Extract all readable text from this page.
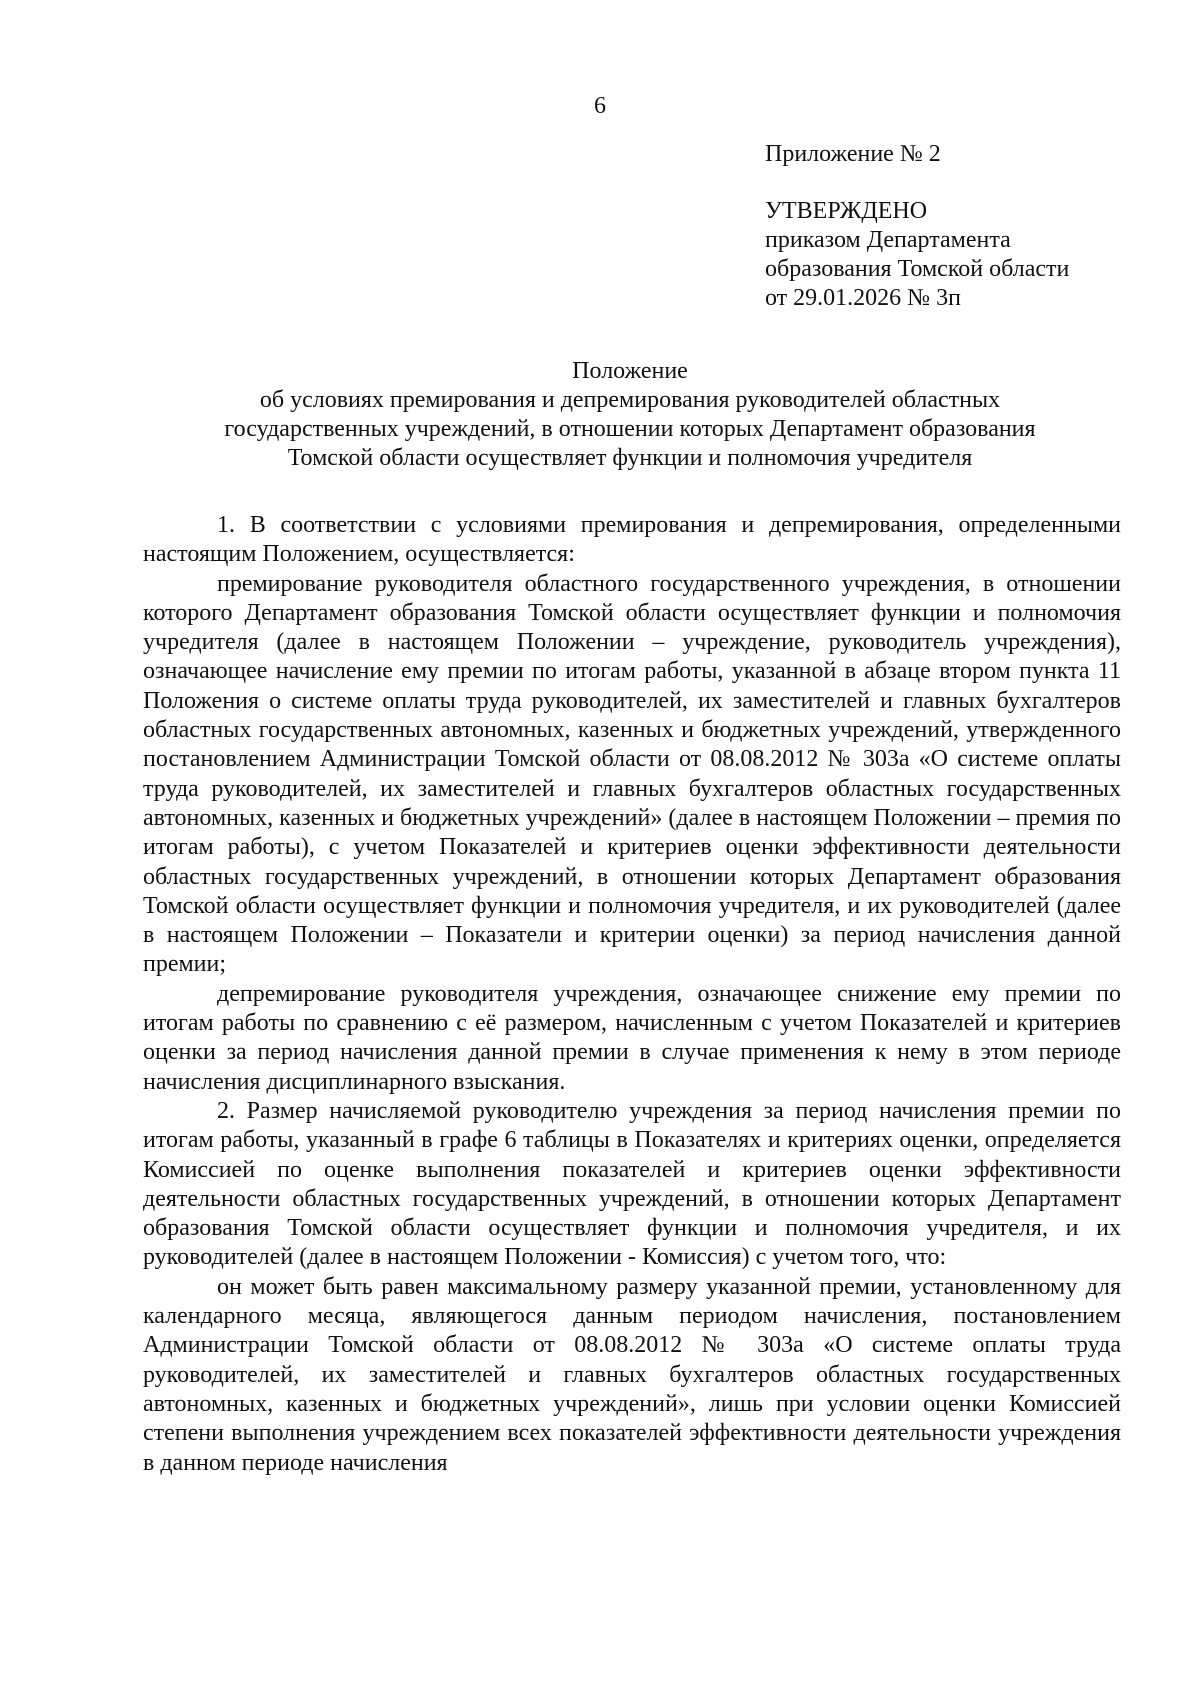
6
Приложение № 2
УТВЕРЖДЕНО
приказом Департамента
образования Томской области
от 29.01.2026 № 3п
Положение
об условиях премирования и депремирования руководителей областных
государственных учреждений, в отношении которых Департамент образования
Томской области осуществляет функции и полномочия учредителя

1. В соответствии с условиями премирования и депремирования, определенными настоящим Положением, осуществляется:

премирование руководителя областного государственного учреждения, в отношении которого Департамент образования Томской области осуществляет функции и полномочия учредителя (далее в настоящем Положении – учреждение, руководитель учреждения), означающее начисление ему премии по итогам работы, указанной в абзаце втором пункта 11 Положения о системе оплаты труда руководителей, их заместителей и главных бухгалтеров областных государственных автономных, казенных и бюджетных учреждений, утвержденного постановлением Администрации Томской области от 08.08.2012 № 303а «О системе оплаты труда руководителей, их заместителей и главных бухгалтеров областных государственных автономных, казенных и бюджетных учреждений» (далее в настоящем Положении – премия по итогам работы), с учетом Показателей и критериев оценки эффективности деятельности областных государственных учреждений, в отношении которых Департамент образования Томской области осуществляет функции и полномочия учредителя, и их руководителей (далее в настоящем Положении – Показатели и критерии оценки) за период начисления данной премии;

депремирование руководителя учреждения, означающее снижение ему премии по итогам работы по сравнению с её размером, начисленным с учетом Показателей и критериев оценки за период начисления данной премии в случае применения к нему в этом периоде начисления дисциплинарного взыскания.

2. Размер начисляемой руководителю учреждения за период начисления премии по итогам работы, указанный в графе 6 таблицы в Показателях и критериях оценки, определяется Комиссией по оценке выполнения показателей и критериев оценки эффективности деятельности областных государственных учреждений, в отношении которых Департамент образования Томской области осуществляет функции и полномочия учредителя, и их руководителей (далее в настоящем Положении - Комиссия) с учетом того, что:

он может быть равен максимальному размеру указанной премии, установленному для календарного месяца, являющегося данным периодом начисления, постановлением Администрации Томской области от 08.08.2012 № 303а «О системе оплаты труда руководителей, их заместителей и главных бухгалтеров областных государственных автономных, казенных и бюджетных учреждений», лишь при условии оценки Комиссией степени выполнения учреждением всех показателей эффективности деятельности учреждения в данном периоде начисления
